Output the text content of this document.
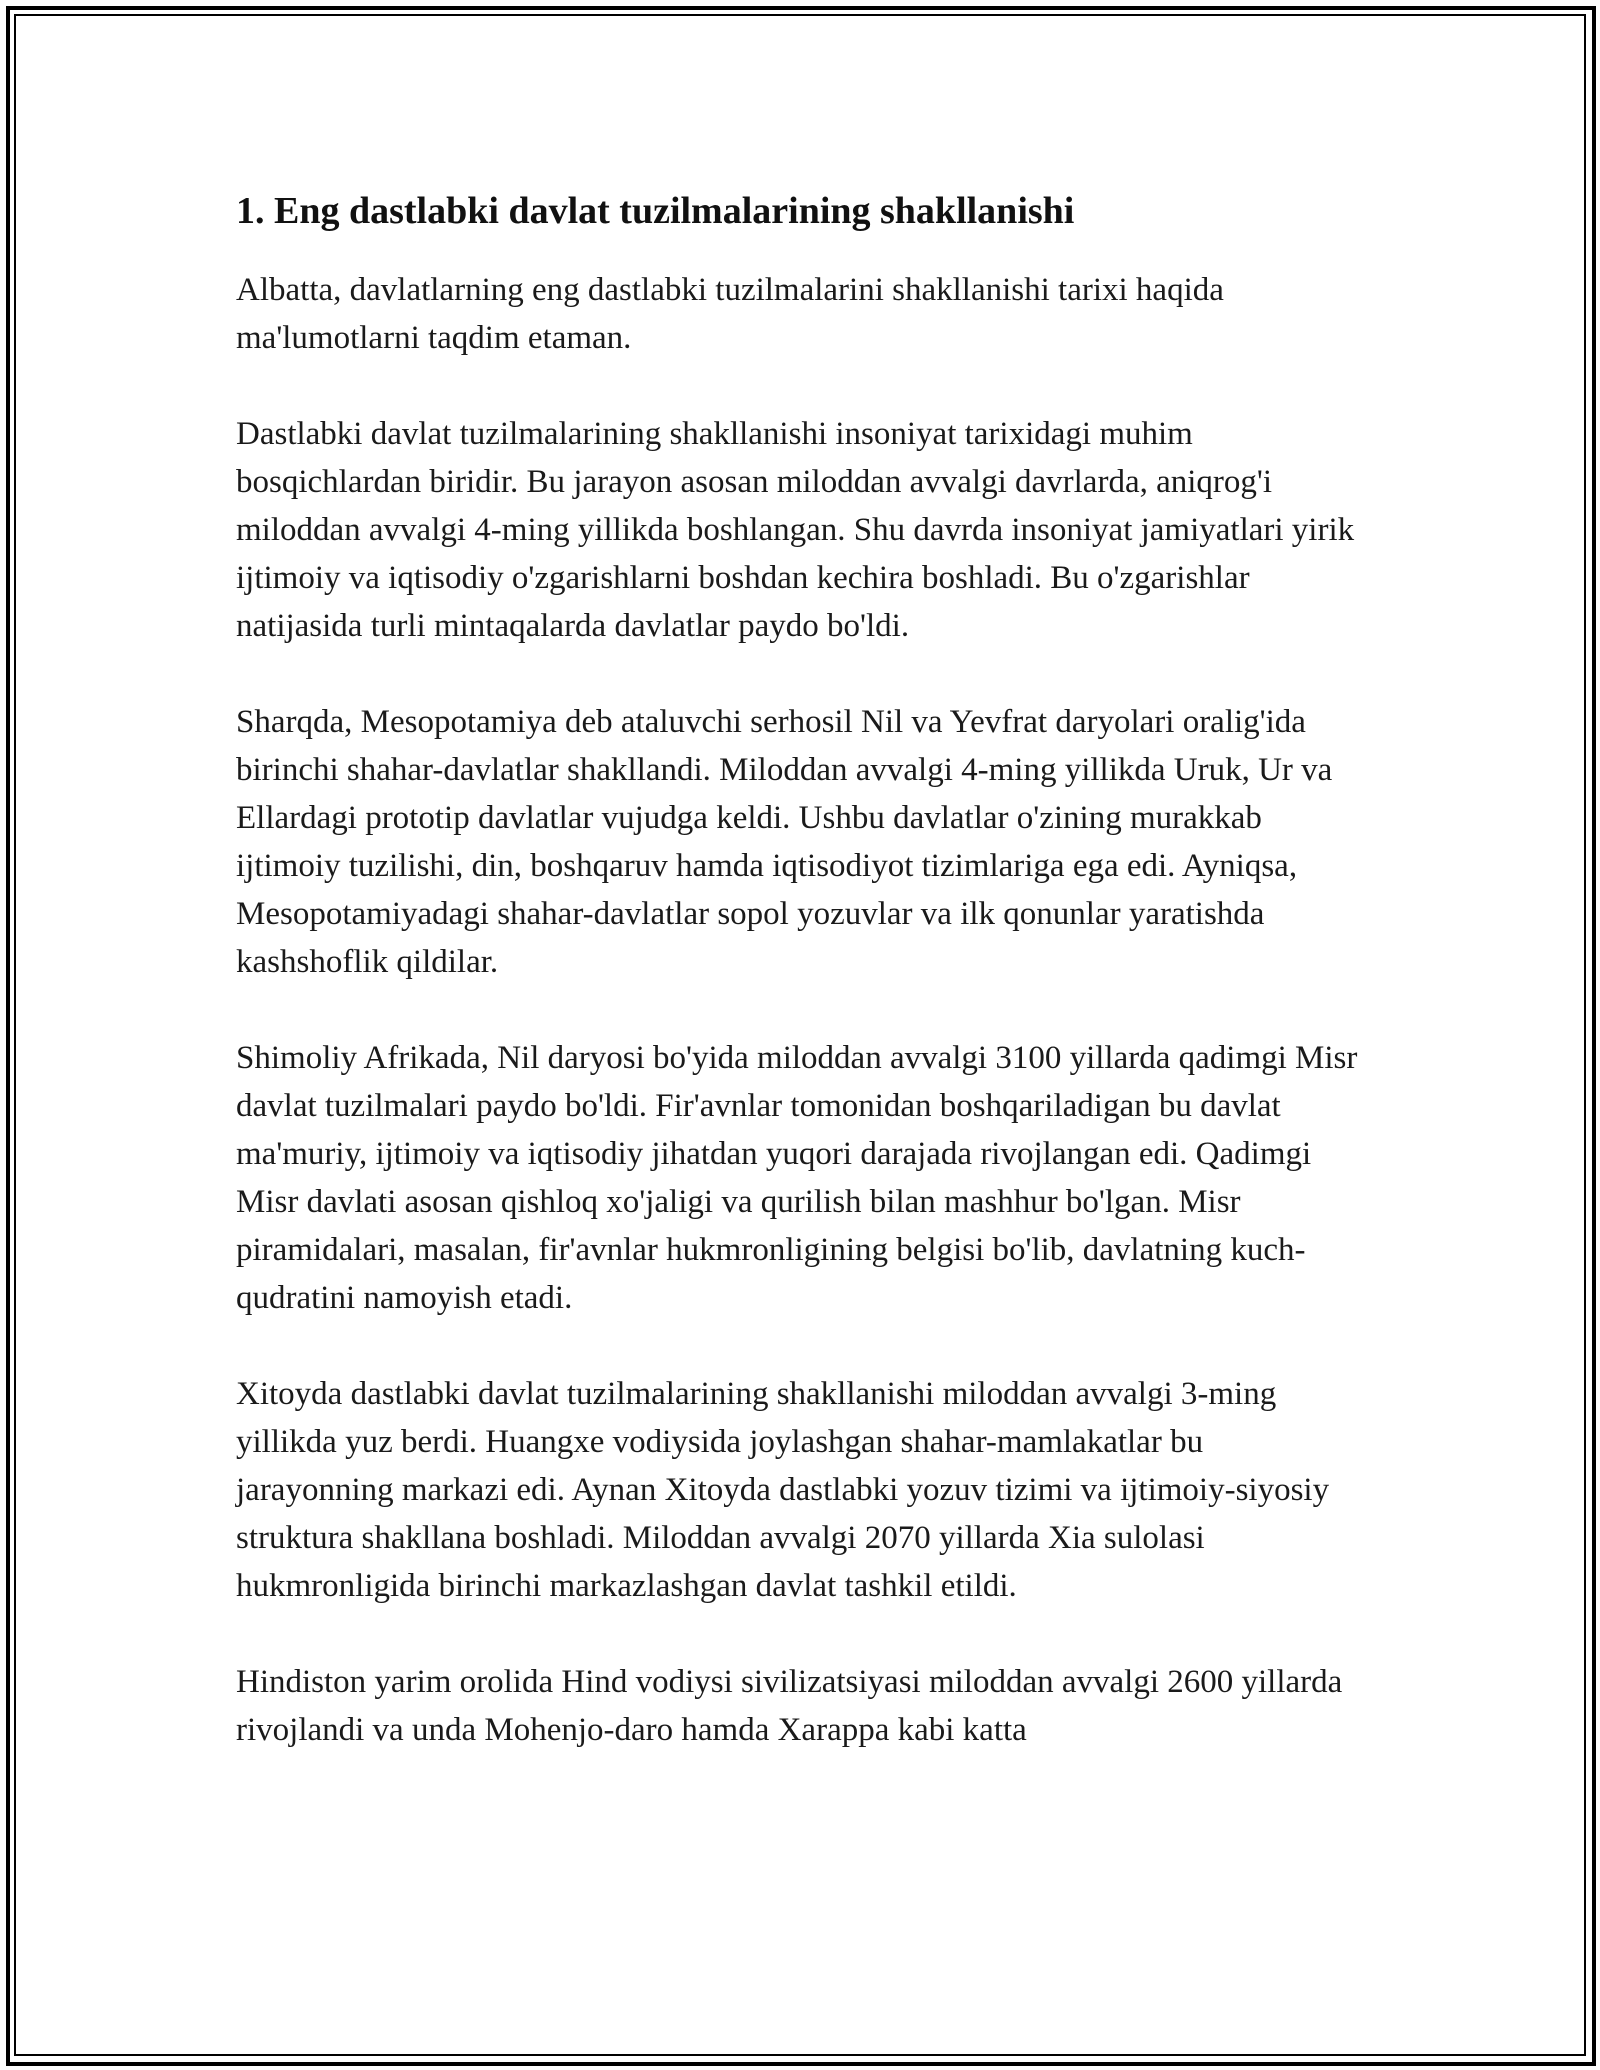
1. Eng dastlabki davlat tuzilmalarining shakllanishi

Albatta, davlatlarning eng dastlabki tuzilmalarini shakllanishi tarixi haqida ma'lumotlarni taqdim etaman.

Dastlabki davlat tuzilmalarining shakllanishi insoniyat tarixidagi muhim bosqichlardan biridir. Bu jarayon asosan miloddan avvalgi davrlarda, aniqrog'i miloddan avvalgi 4-ming yillikda boshlangan. Shu davrda insoniyat jamiyatlari yirik ijtimoiy va iqtisodiy o'zgarishlarni boshdan kechira boshladi. Bu o'zgarishlar natijasida turli mintaqalarda davlatlar paydo bo'ldi.

Sharqda, Mesopotamiya deb ataluvchi serhosil Nil va Yevfrat daryolari oralig'ida birinchi shahar-davlatlar shakllandi. Miloddan avvalgi 4-ming yillikda Uruk, Ur va Ellardagi prototip davlatlar vujudga keldi. Ushbu davlatlar o'zining murakkab ijtimoiy tuzilishi, din, boshqaruv hamda iqtisodiyot tizimlariga ega edi. Ayniqsa, Mesopotamiyadagi shahar-davlatlar sopol yozuvlar va ilk qonunlar yaratishda kashshoflik qildilar.

Shimoliy Afrikada, Nil daryosi bo'yida miloddan avvalgi 3100 yillarda qadimgi Misr davlat tuzilmalari paydo bo'ldi. Fir'avnlar tomonidan boshqariladigan bu davlat ma'muriy, ijtimoiy va iqtisodiy jihatdan yuqori darajada rivojlangan edi. Qadimgi Misr davlati asosan qishloq xo'jaligi va qurilish bilan mashhur bo'lgan. Misr piramidalari, masalan, fir'avnlar hukmronligining belgisi bo'lib, davlatning kuch-qudratini namoyish etadi.

Xitoyda dastlabki davlat tuzilmalarining shakllanishi miloddan avvalgi 3-ming yillikda yuz berdi. Huangxe vodiysida joylashgan shahar-mamlakatlar bu jarayonning markazi edi. Aynan Xitoyda dastlabki yozuv tizimi va ijtimoiy-siyosiy struktura shakllana boshladi. Miloddan avvalgi 2070 yillarda Xia sulolasi hukmronligida birinchi markazlashgan davlat tashkil etildi.

Hindiston yarim orolida Hind vodiysi sivilizatsiyasi miloddan avvalgi 2600 yillarda rivojlandi va unda Mohenjo-daro hamda Xarappa kabi katta
